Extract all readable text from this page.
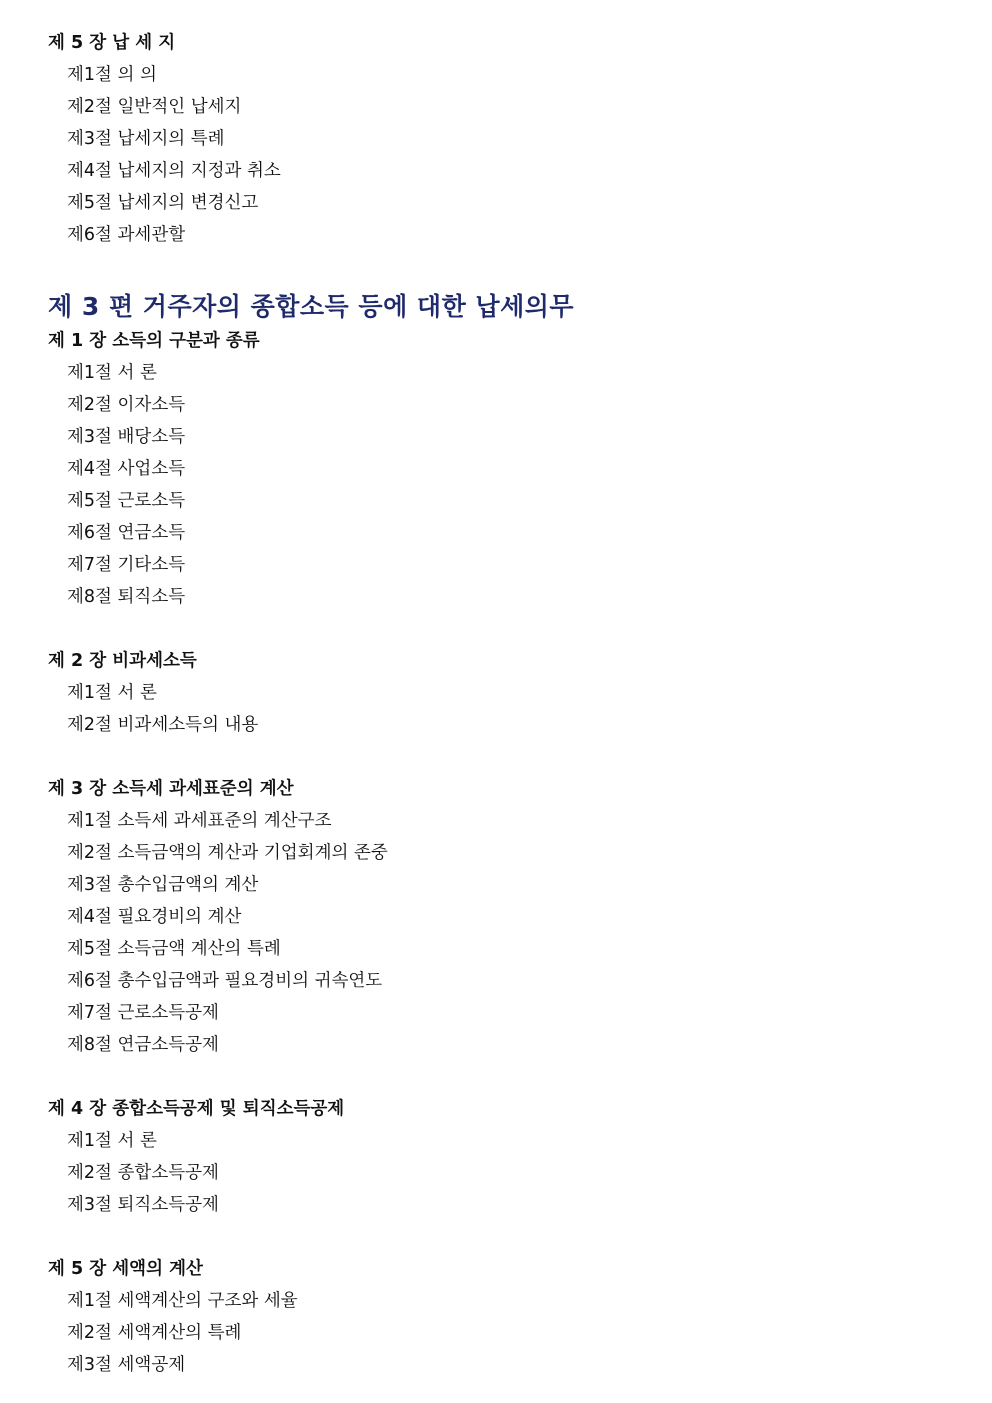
제 5 장 납 세 지
제1절 의 의
제2절 일반적인 납세지
제3절 납세지의 특례
제4절 납세지의 지정과 취소
제5절 납세지의 변경신고
제6절 과세관할
제 3 편 거주자의 종합소득 등에 대한 납세의무
제 1 장 소득의 구분과 종류
제1절 서 론
제2절 이자소득
제3절 배당소득
제4절 사업소득
제5절 근로소득
제6절 연금소득
제7절 기타소득
제8절 퇴직소득
제 2 장 비과세소득
제1절 서 론
제2절 비과세소득의 내용
제 3 장 소득세 과세표준의 계산
제1절 소득세 과세표준의 계산구조
제2절 소득금액의 계산과 기업회계의 존중
제3절 총수입금액의 계산
제4절 필요경비의 계산
제5절 소득금액 계산의 특례
제6절 총수입금액과 필요경비의 귀속연도
제7절 근로소득공제
제8절 연금소득공제
제 4 장 종합소득공제 및 퇴직소득공제
제1절 서 론
제2절 종합소득공제
제3절 퇴직소득공제
제 5 장 세액의 계산
제1절 세액계산의 구조와 세율
제2절 세액계산의 특례
제3절 세액공제
